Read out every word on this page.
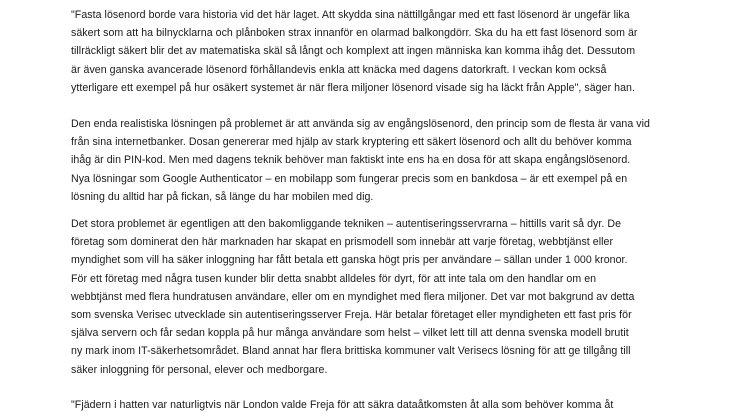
"Fasta lösenord borde vara historia vid det här laget. Att skydda sina nättillgångar med ett fast lösenord är ungefär lika
säkert som att ha bilnycklarna och plånboken strax innanför en olarmad balkongdörr. Ska du ha ett fast lösenord som är
tillräckligt säkert blir det av matematiska skäl så långt och komplext att ingen människa kan komma ihåg det. Dessutom
är även ganska avancerade lösenord förhållandevis enkla att knäcka med dagens datorkraft. I veckan kom också
ytterligare ett exempel på hur osäkert systemet är när flera miljoner lösenord visade sig ha läckt från Apple", säger han.

Den enda realistiska lösningen på problemet är att använda sig av engångslösenord, den princip som de flesta är vana vid
från sina internetbanker. Dosan genererar med hjälp av stark kryptering ett säkert lösenord och allt du behöver komma
ihåg är din PIN-kod. Men med dagens teknik behöver man faktiskt inte ens ha en dosa för att skapa engångslösenord.
Nya lösningar som Google Authenticator – en mobilapp som fungerar precis som en bankdosa – är ett exempel på en
lösning du alltid har på fickan, så länge du har mobilen med dig.

Det stora problemet är egentligen att den bakomliggande tekniken – autentiseringsservrarna – hittills varit så dyr. De
företag som dominerat den här marknaden har skapat en prismodell som innebär att varje företag, webbtjänst eller
myndighet som vill ha säker inloggning har fått betala ett ganska högt pris per användare – sällan under 1 000 kronor.
För ett företag med några tusen kunder blir detta snabbt alldeles för dyrt, för att inte tala om den handlar om en
webbtjänst med flera hundratusen användare, eller om en myndighet med flera miljoner. Det var mot bakgrund av detta
som svenska Verisec utvecklade sin autentiseringsserver Freja. Här betalar företaget eller myndigheten ett fast pris för
själva servern och får sedan koppla på hur många användare som helst – vilket lett till att denna svenska modell brutit
ny mark inom IT-säkerhetsområdet. Bland annat har flera brittiska kommuner valt Verisecs lösning för att ge tillgång till
säker inloggning för personal, elever och medborgare.

"Fjädern i hatten var naturligtvis när London valde Freja för att säkra dataåtkomsten åt alla som behöver komma åt
